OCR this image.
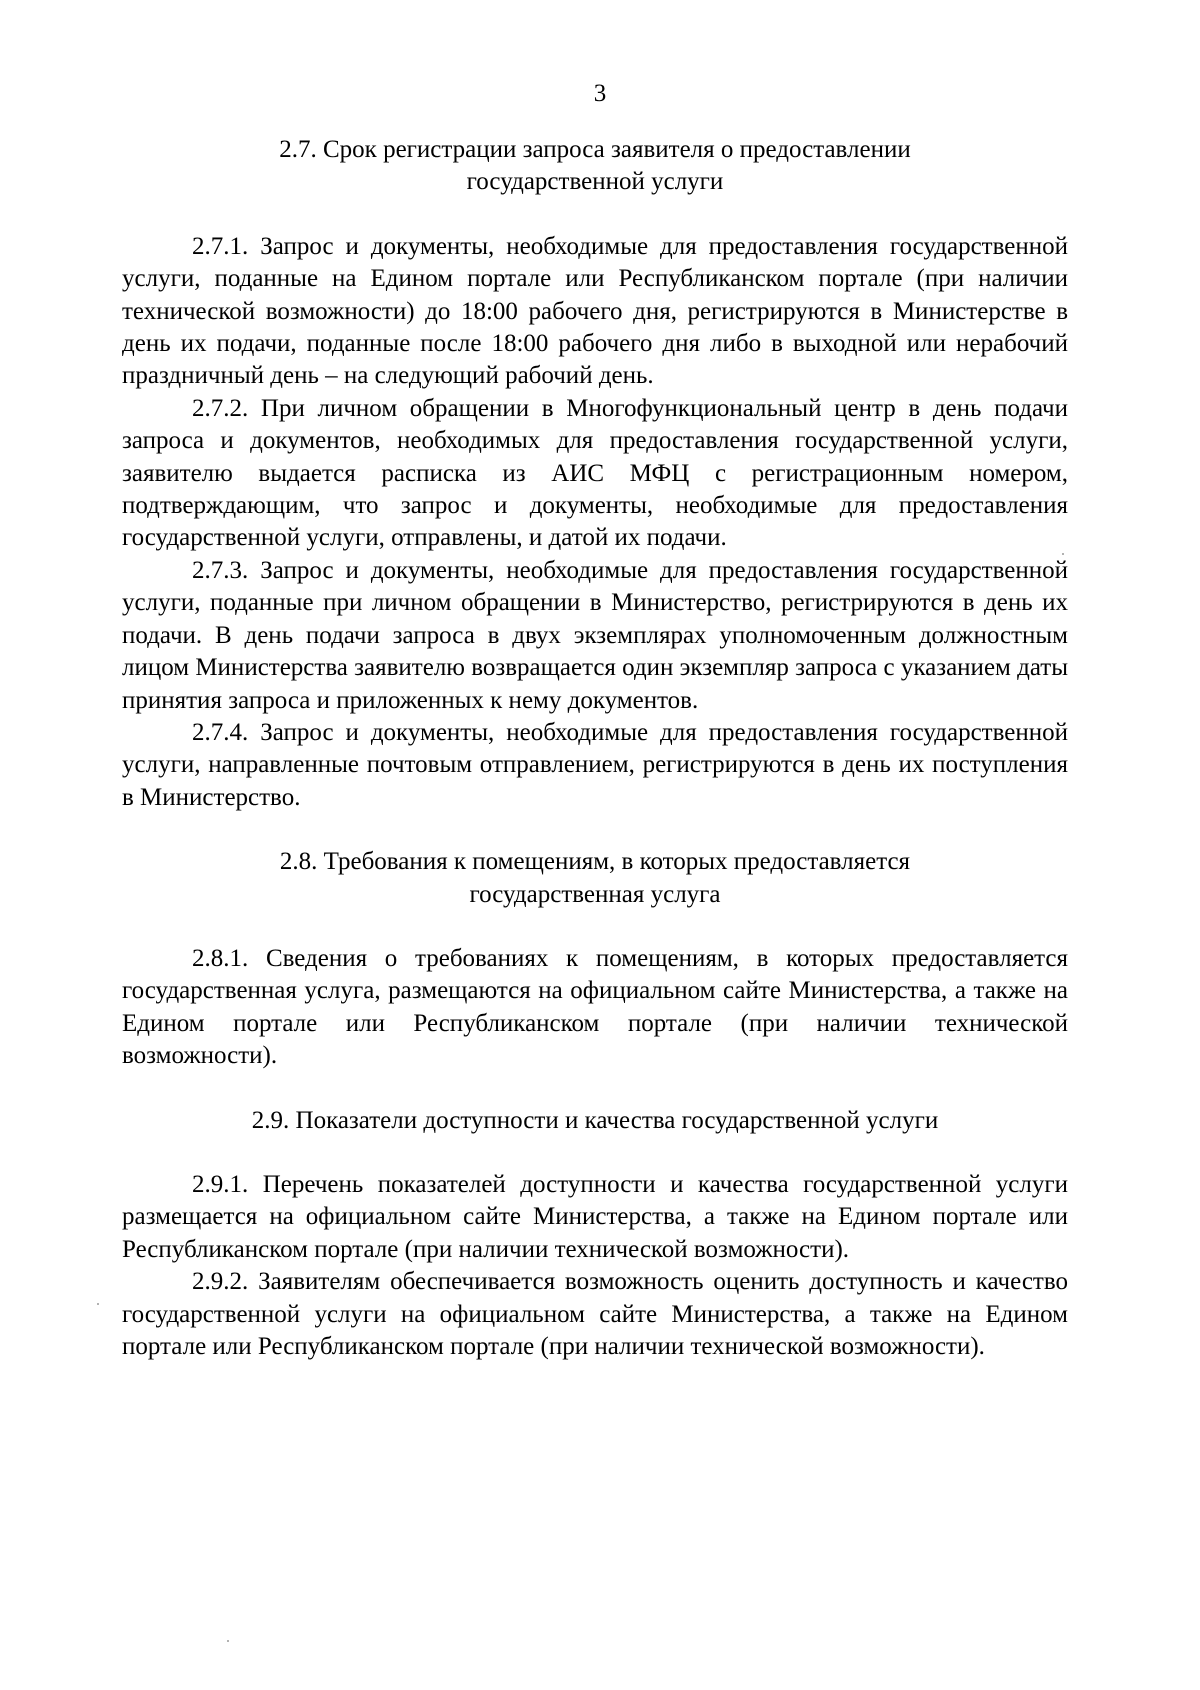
3
2.7. Срок регистрации запроса заявителя о предоставлении
государственной услуги

2.7.1. Запрос и документы, необходимые для предоставления государственной услуги, поданные на Едином портале или Республиканском портале (при наличии технической возможности) до 18:00 рабочего дня, регистрируются в Министерстве в день их подачи, поданные после 18:00 рабочего дня либо в выходной или нерабочий праздничный день – на следующий рабочий день.

2.7.2. При личном обращении в Многофункциональный центр в день подачи запроса и документов, необходимых для предоставления государственной услуги, заявителю выдается расписка из АИС МФЦ с регистрационным номером, подтверждающим, что запрос и документы, необходимые для предоставления государственной услуги, отправлены, и датой их подачи.

2.7.3. Запрос и документы, необходимые для предоставления государственной услуги, поданные при личном обращении в Министерство, регистрируются в день их подачи. В день подачи запроса в двух экземплярах уполномоченным должностным лицом Министерства заявителю возвращается один экземпляр запроса с указанием даты принятия запроса и приложенных к нему документов.

2.7.4. Запрос и документы, необходимые для предоставления государственной услуги, направленные почтовым отправлением, регистрируются в день их поступления в Министерство.

2.8. Требования к помещениям, в которых предоставляется
государственная услуга

2.8.1. Сведения о требованиях к помещениям, в которых предоставляется государственная услуга, размещаются на официальном сайте Министерства, а также на Едином портале или Республиканском портале (при наличии технической возможности).

2.9. Показатели доступности и качества государственной услуги

2.9.1. Перечень показателей доступности и качества государственной услуги размещается на официальном сайте Министерства, а также на Едином портале или Республиканском портале (при наличии технической возможности).

2.9.2. Заявителям обеспечивается возможность оценить доступность и качество государственной услуги на официальном сайте Министерства, а также на Едином портале или Республиканском портале (при наличии технической возможности).
